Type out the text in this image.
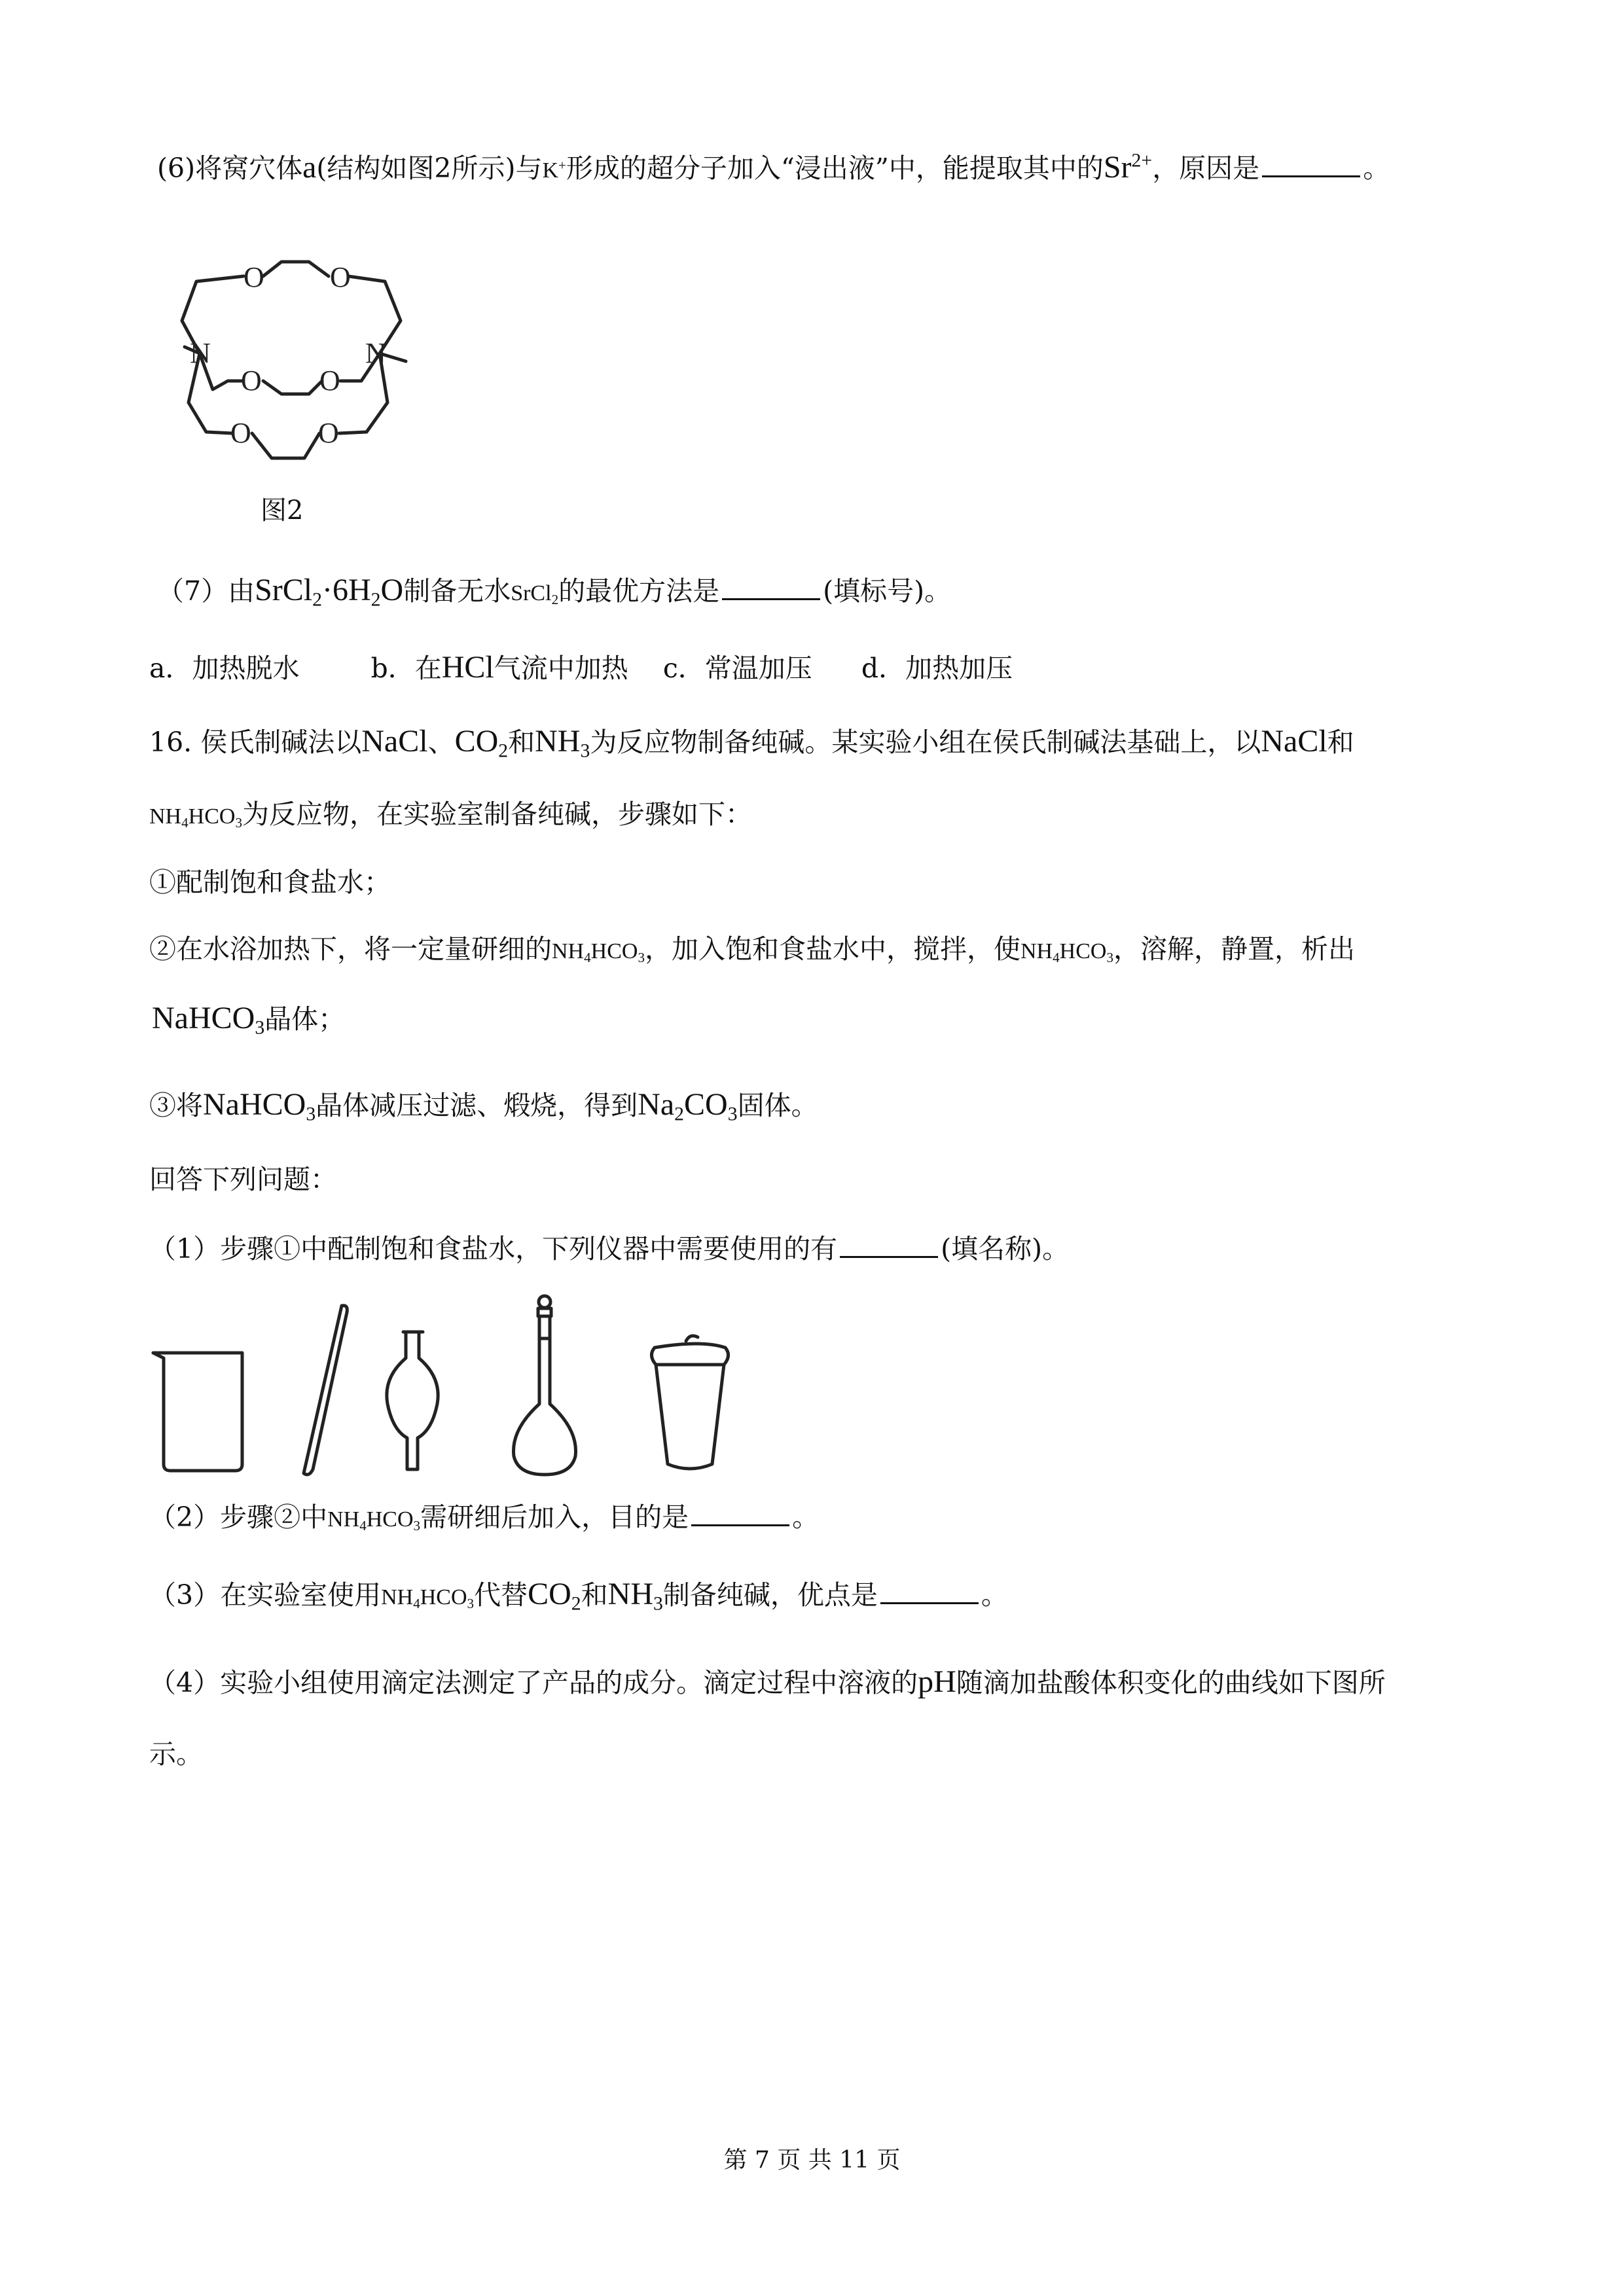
(6)将窝穴体a(结构如图2所示)与K+形成的超分子加入“浸出液”中，能提取其中的$Sr^{2+}$，原因是	。
O O
O O
O O
N	N
图2
（7）由$SrCl_2\cdot 6H_2O$制备无水SrCl$_2$的最优方法是	(填标号)。
a．加热脱水	b．在HCl气流中加热 c．常温加压 d．加热加压
16. 侯氏制碱法以NaCl、$CO_2$和$NH_3$为反应物制备纯碱。某实验小组在侯氏制碱法基础上，以NaCl和
$NH_4HCO_3$为反应物，在实验室制备纯碱，步骤如下：
①配制饱和食盐水；
②在水浴加热下，将一定量研细的$NH_4HCO_3$，加入饱和食盐水中，搅拌，使$NH_4HCO_3$，溶解，静置，析出
NaHCO$_3$晶体；
③将NaHCO$_3$晶体减压过滤、煅烧，得到$Na_2CO_3$固体。
回答下列问题：
（1）步骤①中配制饱和食盐水，下列仪器中需要使用的有	(填名称)。
（2）步骤②中$NH_4HCO_3$需研细后加入，目的是	。
（3）在实验室使用$NH_4HCO_3$代替$CO_2$和$NH_3$制备纯碱，优点是	。
（4）实验小组使用滴定法测定了产品的成分。滴定过程中溶液的pH随滴加盐酸体积变化的曲线如下图所
示。
第 7 页 共 11 页
